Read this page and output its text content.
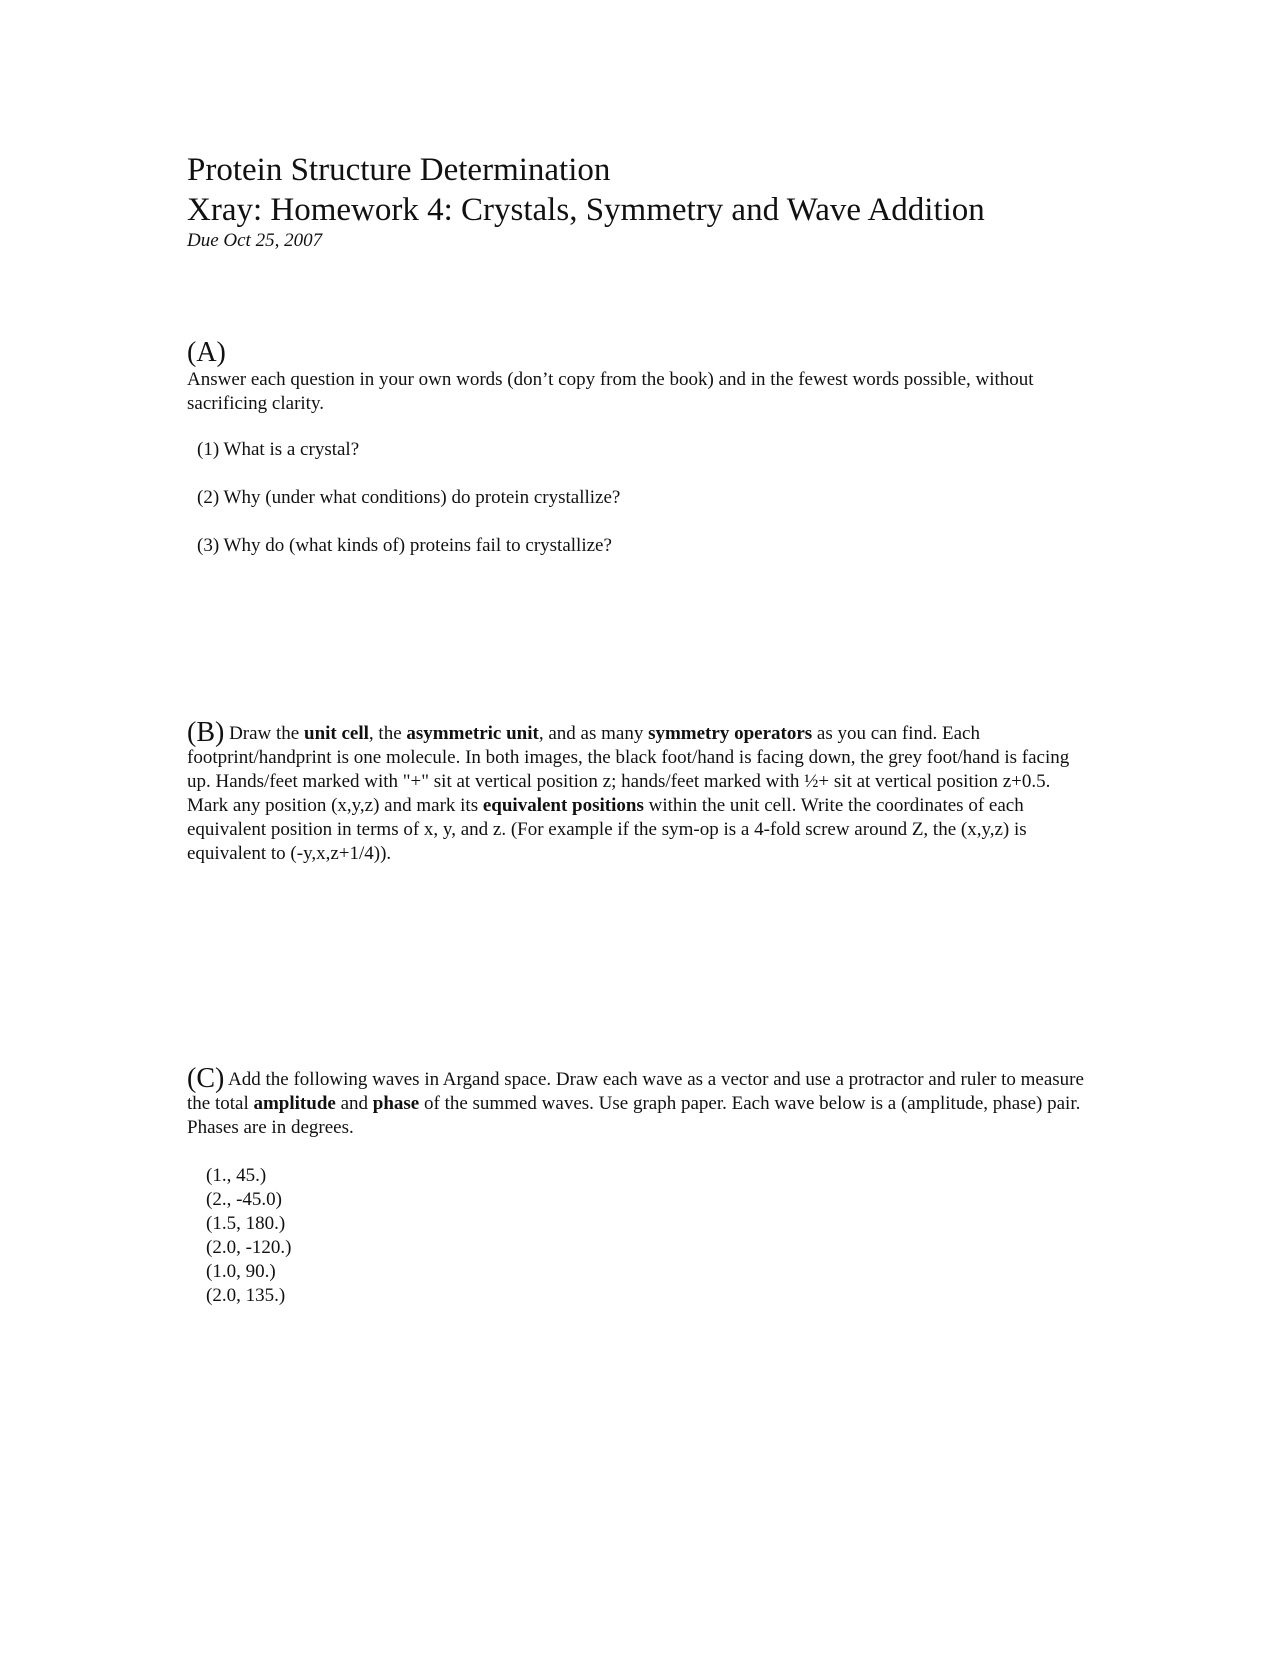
Protein Structure Determination
Xray: Homework 4: Crystals, Symmetry and Wave Addition

Due Oct 25, 2007

(A)

Answer each question in your own words (don’t copy from the book) and in the fewest words possible, without sacrificing clarity.

(1) What is a crystal?
(2) Why (under what conditions) do protein crystallize?
(3) Why do (what kinds of) proteins fail to crystallize?

(B) Draw the unit cell, the asymmetric unit, and as many symmetry operators as you can find. Each footprint/handprint is one molecule. In both images, the black foot/hand is facing down, the grey foot/hand is facing up. Hands/feet marked with "+" sit at vertical position z; hands/feet marked with ½+ sit at vertical position z+0.5. Mark any position (x,y,z) and mark its equivalent positions within the unit cell. Write the coordinates of each equivalent position in terms of x, y, and z. (For example if the sym-op is a 4-fold screw around Z, the (x,y,z) is equivalent to (-y,x,z+1/4)).

(C) Add the following waves in Argand space. Draw each wave as a vector and use a protractor and ruler to measure the total amplitude and phase of the summed waves. Use graph paper. Each wave below is a (amplitude, phase) pair. Phases are in degrees.

(1., 45.)
(2., -45.0)
(1.5, 180.)
(2.0, -120.)
(1.0, 90.)
(2.0, 135.)
